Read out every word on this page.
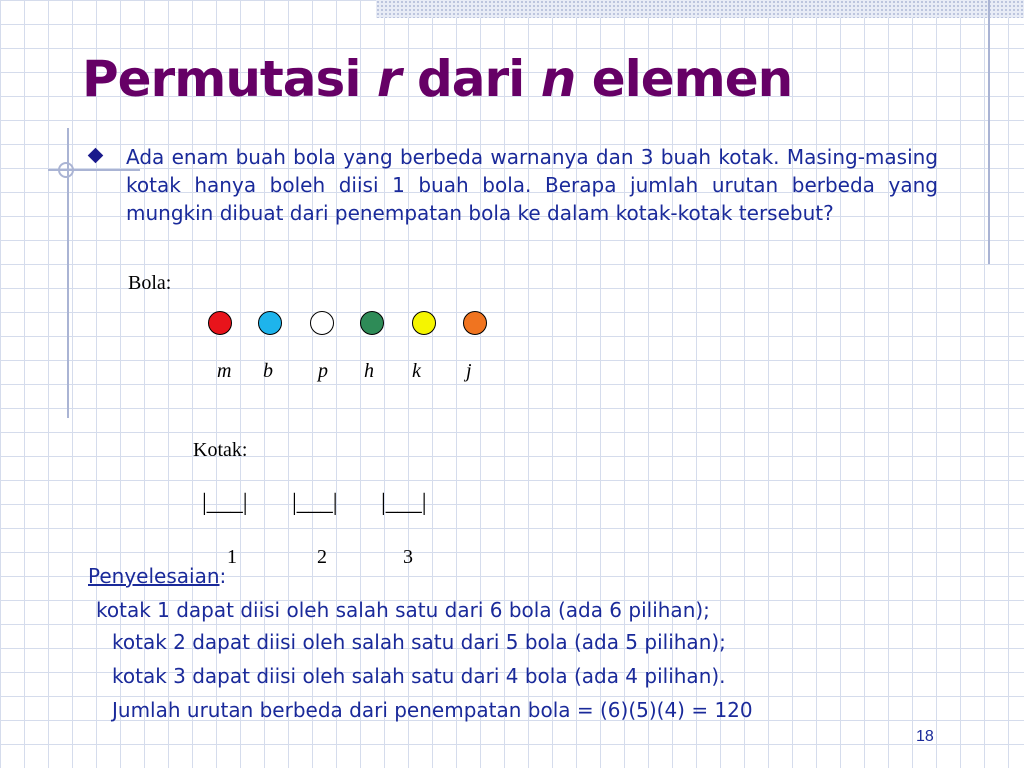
Permutasi r dari n elemen

Ada enam buah bola yang berbeda warnanya dan 3 buah kotak. Masing-masing kotak hanya boleh diisi 1 buah bola. Berapa jumlah urutan berbeda yang mungkin dibuat dari penempatan bola ke dalam kotak-kotak tersebut?

Bola:
m b p h k j
Kotak:
|___| |___| |___|
1	2	3

Penyelesaian:

kotak 1 dapat diisi oleh salah satu dari 6 bola (ada 6 pilihan);

kotak 2 dapat diisi oleh salah satu dari 5 bola (ada 5 pilihan);

kotak 3 dapat diisi oleh salah satu dari 4 bola (ada 4 pilihan).

Jumlah urutan berbeda dari penempatan bola = (6)(5)(4) = 120

18
